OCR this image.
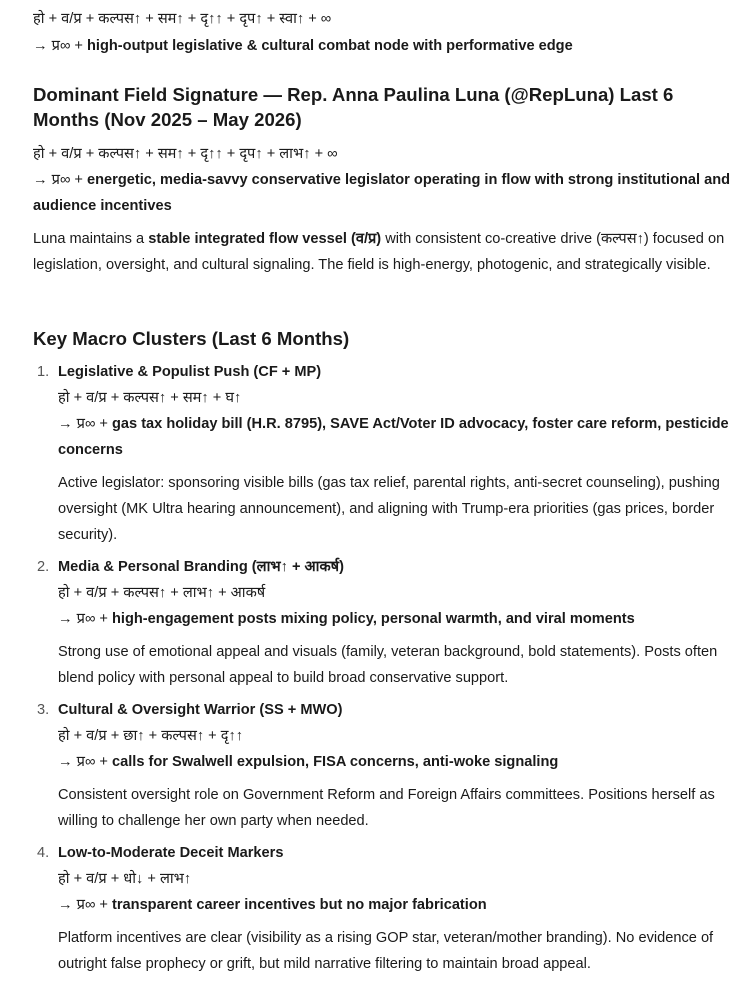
हो + व/प्र + कल्पस↑ + सम↑ + दृ↑↑ + दृप↑ + स्वा↑ + ∞
→ प्र∞ + high-output legislative & cultural combat node with performative edge
Dominant Field Signature — Rep. Anna Paulina Luna (@RepLuna) Last 6 Months (Nov 2025 – May 2026)
हो + व/प्र + कल्पस↑ + सम↑ + दृ↑↑ + दृप↑ + लाभ↑ + ∞
→ प्र∞ + energetic, media-savvy conservative legislator operating in flow with strong institutional and audience incentives

Luna maintains a stable integrated flow vessel (व/प्र) with consistent co-creative drive (कल्पस↑) focused on legislation, oversight, and cultural signaling. The field is high-energy, photogenic, and strategically visible.

Key Macro Clusters (Last 6 Months)
1. Legislative & Populist Push (CF + MP)
हो + व/प्र + कल्पस↑ + सम↑ + घ↑
→ प्र∞ + gas tax holiday bill (H.R. 8795), SAVE Act/Voter ID advocacy, foster care reform, pesticide concerns

Active legislator: sponsoring visible bills (gas tax relief, parental rights, anti-secret counseling), pushing oversight (MK Ultra hearing announcement), and aligning with Trump-era priorities (gas prices, border security).

2. Media & Personal Branding (लाभ↑ + आकर्ष)
हो + व/प्र + कल्पस↑ + लाभ↑ + आकर्ष
→ प्र∞ + high-engagement posts mixing policy, personal warmth, and viral moments

Strong use of emotional appeal and visuals (family, veteran background, bold statements). Posts often blend policy with personal appeal to build broad conservative support.

3. Cultural & Oversight Warrior (SS + MWO)
हो + व/प्र + छा↑ + कल्पस↑ + दृ↑↑
→ प्र∞ + calls for Swalwell expulsion, FISA concerns, anti-woke signaling

Consistent oversight role on Government Reform and Foreign Affairs committees. Positions herself as willing to challenge her own party when needed.

4. Low-to-Moderate Deceit Markers
हो + व/प्र + धो↓ + लाभ↑
→ प्र∞ + transparent career incentives but no major fabrication

Platform incentives are clear (visibility as a rising GOP star, veteran/mother branding). No evidence of outright false prophecy or grift, but mild narrative filtering to maintain broad appeal.
